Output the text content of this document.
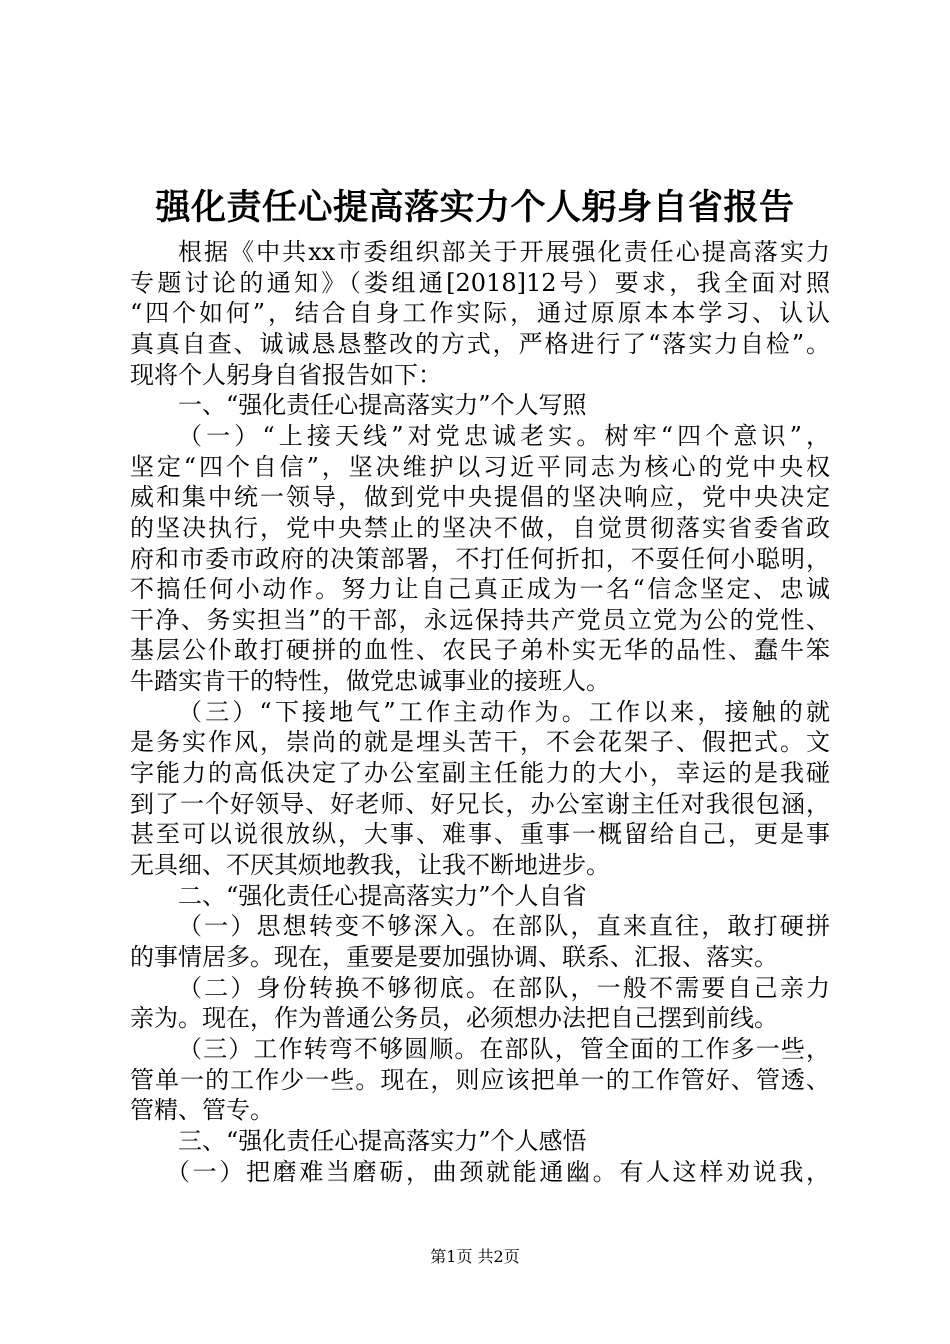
强化责任心提高落实力个人躬身自省报告
根据《中共xx市委组织部关于开展强化责任心提高落实力
专题讨论的通知》（娄组通[2018]12号）要求，我全面对照
“四个如何”，结合自身工作实际，通过原原本本学习、认认
真真自查、诚诚恳恳整改的方式，严格进行了“落实力自检”。
现将个人躬身自省报告如下：
一、“强化责任心提高落实力”个人写照
（一）“上接天线”对党忠诚老实。树牢“四个意识”，
坚定“四个自信”，坚决维护以习近平同志为核心的党中央权
威和集中统一领导，做到党中央提倡的坚决响应，党中央决定
的坚决执行，党中央禁止的坚决不做，自觉贯彻落实省委省政
府和市委市政府的决策部署，不打任何折扣，不耍任何小聪明，
不搞任何小动作。努力让自己真正成为一名“信念坚定、忠诚
干净、务实担当”的干部，永远保持共产党员立党为公的党性、
基层公仆敢打硬拼的血性、农民子弟朴实无华的品性、蠢牛笨
牛踏实肯干的特性，做党忠诚事业的接班人。
（三）“下接地气”工作主动作为。工作以来，接触的就
是务实作风，崇尚的就是埋头苦干，不会花架子、假把式。文
字能力的高低决定了办公室副主任能力的大小，幸运的是我碰
到了一个好领导、好老师、好兄长，办公室谢主任对我很包涵，
甚至可以说很放纵，大事、难事、重事一概留给自己，更是事
无具细、不厌其烦地教我，让我不断地进步。
二、“强化责任心提高落实力”个人自省
（一）思想转变不够深入。在部队，直来直往，敢打硬拼
的事情居多。现在，重要是要加强协调、联系、汇报、落实。
（二）身份转换不够彻底。在部队，一般不需要自己亲力
亲为。现在，作为普通公务员，必须想办法把自己摆到前线。
（三）工作转弯不够圆顺。在部队，管全面的工作多一些，
管单一的工作少一些。现在，则应该把单一的工作管好、管透、
管精、管专。
三、“强化责任心提高落实力”个人感悟
（一）把磨难当磨砺，曲颈就能通幽。有人这样劝说我，
第1页 共2页
